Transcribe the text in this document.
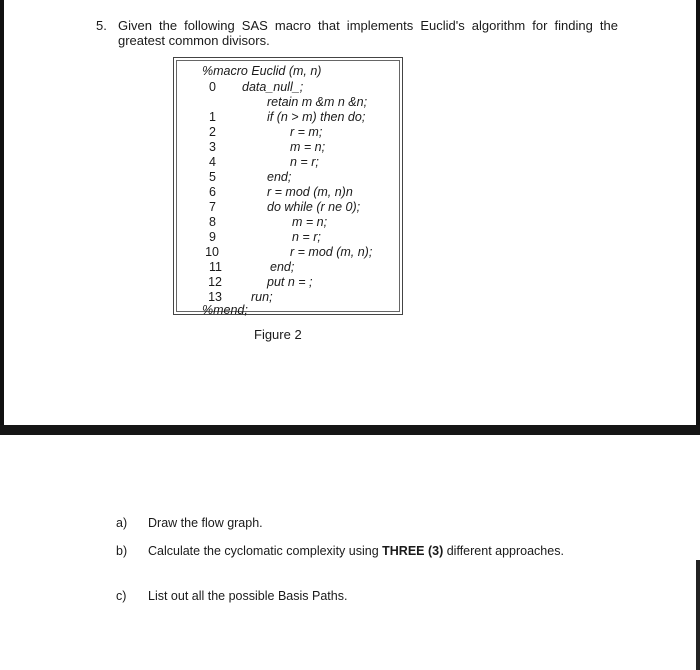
5. Given the following SAS macro that implements Euclid's algorithm for finding the greatest common divisors.
%macro Euclid (m, n)
0 data_null_;
retain m &m n &n;
1	if (n > m) then do;
2	r = m;
3	m = n;
4	n = r;
5	end;
6	r = mod (m, n)n
7	do while (r ne 0);
8	m = n;
9	n = r;
10	r = mod (m, n);
11	end;
12	put n = ;
13 run;
%mend;
Figure 2
a) Draw the flow graph.
b) Calculate the cyclomatic complexity using THREE (3) different approaches.
c) List out all the possible Basis Paths.
